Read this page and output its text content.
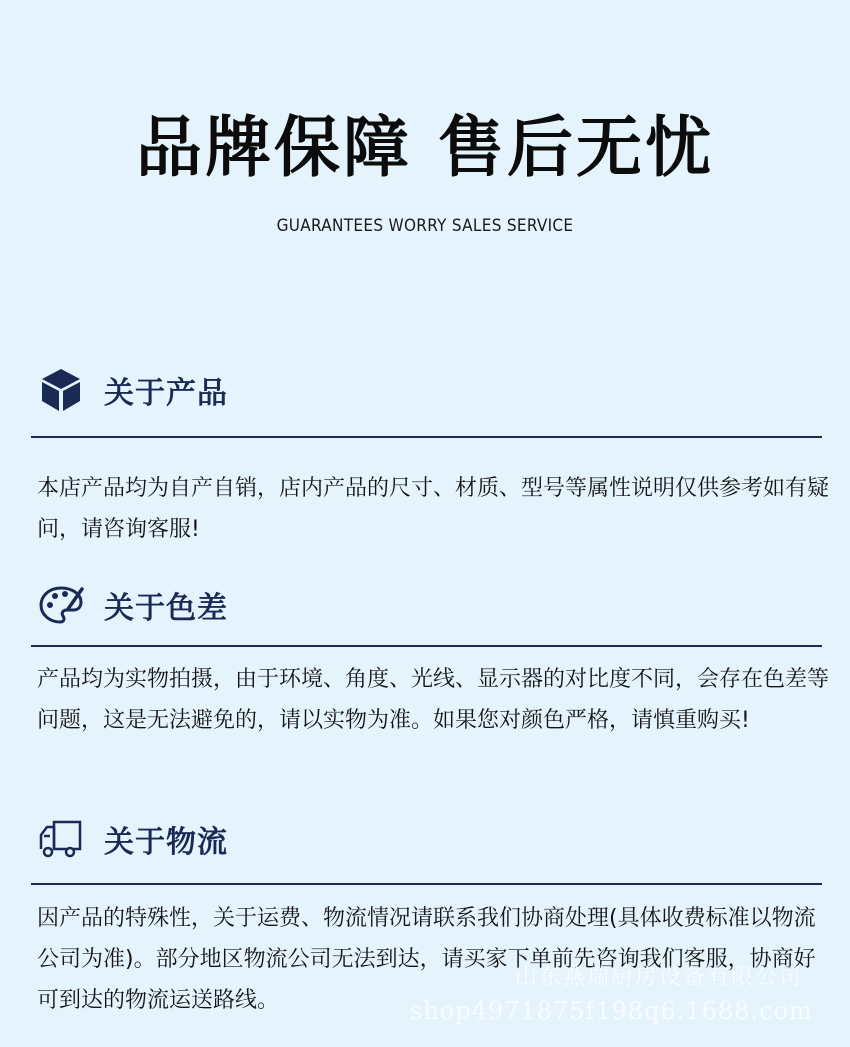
品牌保障 售后无忧
GUARANTEES WORRY SALES SERVICE
关于产品
本店产品均为自产自销，店内产品的尺寸、材质、型号等属性说明仅供参考如有疑问，请咨询客服!
关于色差
产品均为实物拍摄，由于环境、角度、光线、显示器的对比度不同，会存在色差等问题，这是无法避免的，请以实物为准。如果您对颜色严格，请慎重购买!
关于物流
因产品的特殊性，关于运费、物流情况请联系我们协商处理(具体收费标准以物流公司为准)。部分地区物流公司无法到达，请买家下单前先咨询我们客服，协商好可到达的物流运送路线。
山东燕瑞厨房设备有限公司
shop4971875f198q6.1688.com
